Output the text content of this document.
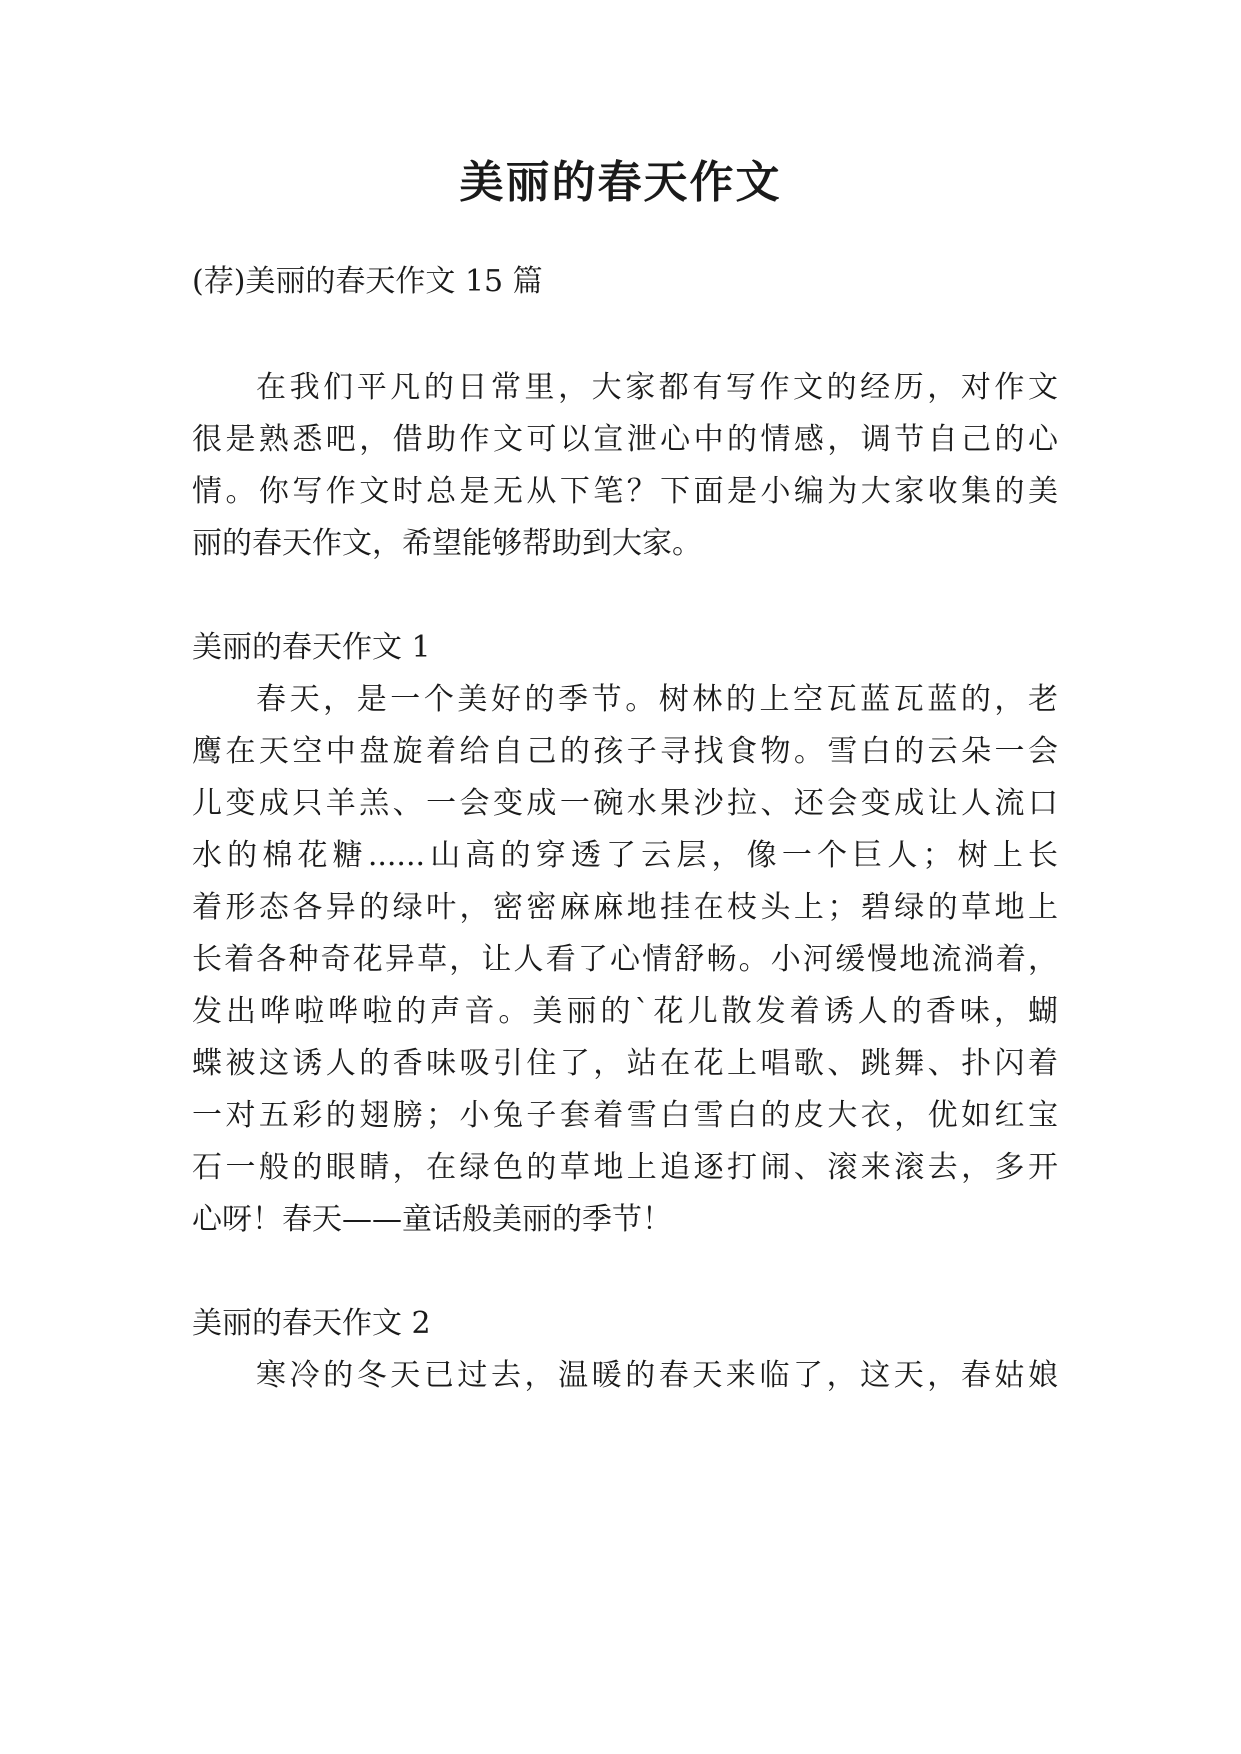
美丽的春天作文
(荐)美丽的春天作文 15 篇
在我们平凡的日常里，大家都有写作文的经历，对作文
很是熟悉吧，借助作文可以宣泄心中的情感，调节自己的心
情。你写作文时总是无从下笔？下面是小编为大家收集的美
丽的春天作文，希望能够帮助到大家。
美丽的春天作文 1
春天，是一个美好的季节。树林的上空瓦蓝瓦蓝的，老
鹰在天空中盘旋着给自己的孩子寻找食物。雪白的云朵一会
儿变成只羊羔、一会变成一碗水果沙拉、还会变成让人流口
水的棉花糖......山高的穿透了云层，像一个巨人；树上长
着形态各异的绿叶，密密麻麻地挂在枝头上；碧绿的草地上
长着各种奇花异草，让人看了心情舒畅。小河缓慢地流淌着，
发出哗啦哗啦的声音。美丽的`花儿散发着诱人的香味，蝴
蝶被这诱人的香味吸引住了，站在花上唱歌、跳舞、扑闪着
一对五彩的翅膀；小兔子套着雪白雪白的皮大衣，优如红宝
石一般的眼睛，在绿色的草地上追逐打闹、滚来滚去，多开
心呀！春天——童话般美丽的季节！
美丽的春天作文 2
寒冷的冬天已过去，温暖的春天来临了，这天，春姑娘
